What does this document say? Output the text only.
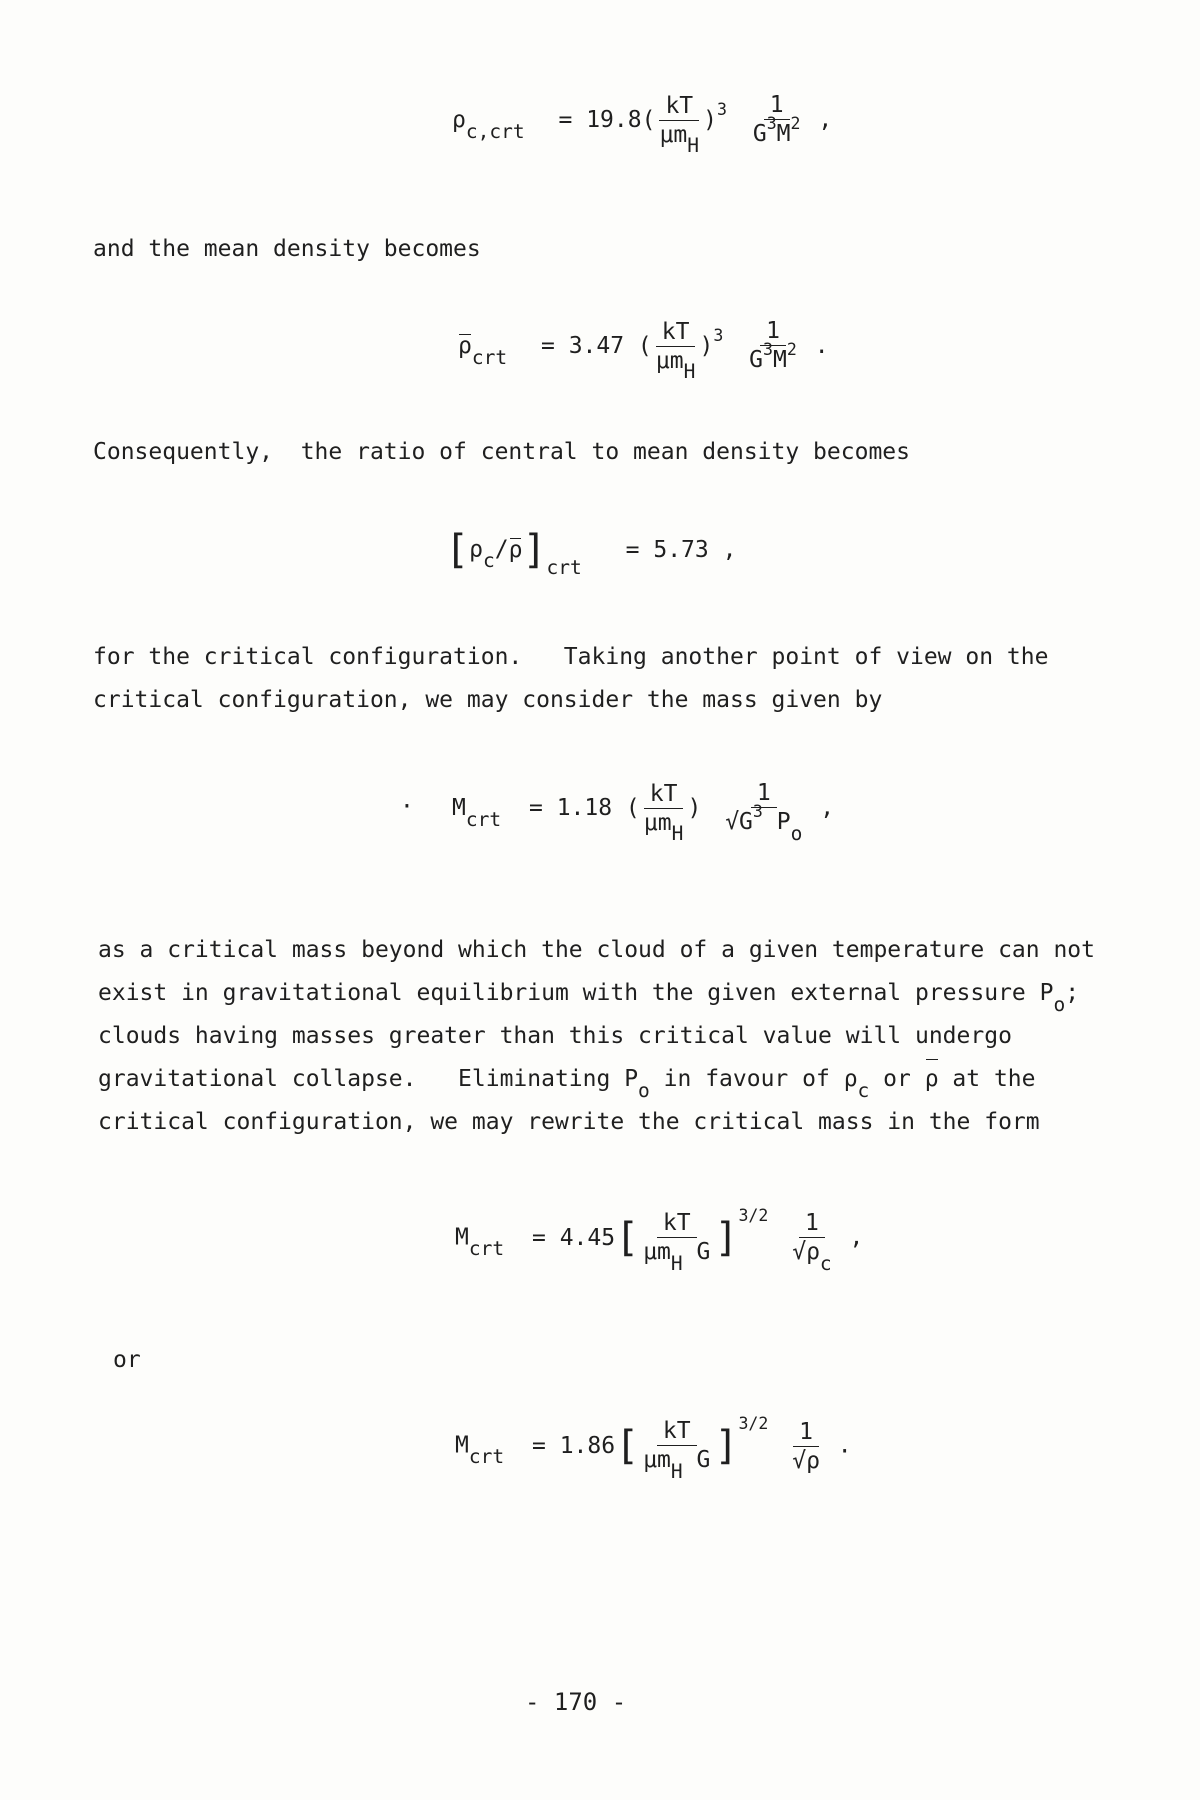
$\rho_{c,crt} = 19.8( \frac{kT}{\mu m_H} )^3 \frac{1}{G^3M^2}$ ,
and the mean density becomes
$\rho_{crt} = 3.47$ ( $\frac{kT}{\mu m_H} )^3 \frac{1}{G^3M^2}$ .
Consequently,  the ratio of central to mean density becomes
$[\rho_c/\rho]_{crt} = 5.73$ ,
for the critical configuration.   Taking another point of view on the
critical configuration, we may consider the mass given by
· $M_{crt} = 1.18$ ( $\frac{kT}{\mu m_H}$ ) $\frac{1}{√G^3 P_o}$ ,
as a critical mass beyond which the cloud of a given temperature can not
exist in gravitational equilibrium with the given external pressure $P_o$;
clouds having masses greater than this critical value will undergo
gravitational collapse.   Eliminating $P_o$ in favour of $\rho_c$ or ρ at the
critical configuration, we may rewrite the critical mass in the form
$M_{crt} = 4.45[ \frac{kT}{\mu m_H G} ]^{3/2} \frac{1}{√\rho_c}$ ,
or
$M_{crt} = 1.86[ \frac{kT}{\mu m_H G} ]^{3/2} \frac{1}{√\rho}$ .
- 170 -
